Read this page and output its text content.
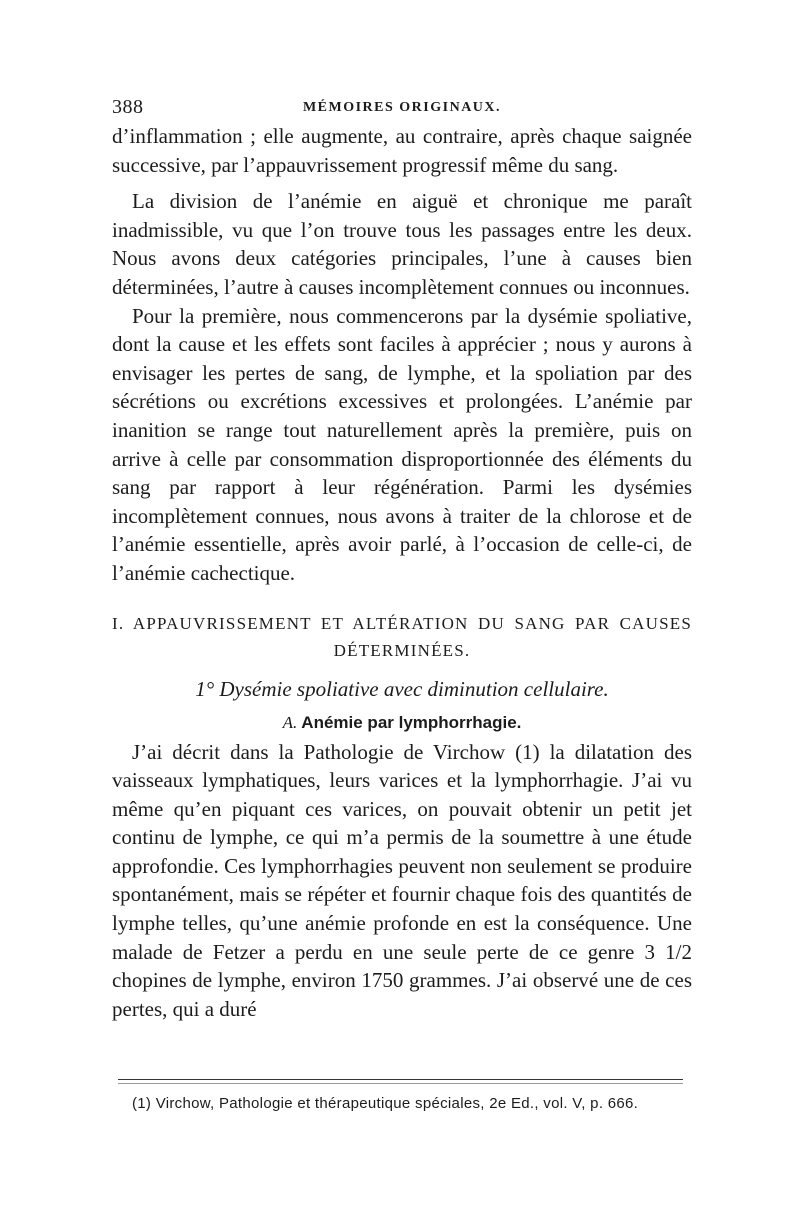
388	MÉMOIRES ORIGINAUX.

d’inflammation ; elle augmente, au contraire, après chaque saignée successive, par l’appauvrissement progressif même du sang.

La division de l’anémie en aiguë et chronique me paraît inadmissible, vu que l’on trouve tous les passages entre les deux. Nous avons deux catégories principales, l’une à causes bien déterminées, l’autre à causes incomplètement connues ou inconnues.

Pour la première, nous commencerons par la dysémie spoliative, dont la cause et les effets sont faciles à apprécier ; nous y aurons à envisager les pertes de sang, de lymphe, et la spoliation par des sécrétions ou excrétions excessives et prolongées. L’anémie par inanition se range tout naturellement après la première, puis on arrive à celle par consommation disproportionnée des éléments du sang par rapport à leur régénération. Parmi les dysémies incomplètement connues, nous avons à traiter de la chlorose et de l’anémie essentielle, après avoir parlé, à l’occasion de celle-ci, de l’anémie cachectique.

I. APPAUVRISSEMENT ET ALTÉRATION DU SANG PAR CAUSES
DÉTERMINÉES.
1° Dysémie spoliative avec diminution cellulaire.
A. Anémie par lymphorrhagie.

J’ai décrit dans la Pathologie de Virchow (1) la dilatation des vaisseaux lymphatiques, leurs varices et la lymphorrhagie. J’ai vu même qu’en piquant ces varices, on pouvait obtenir un petit jet continu de lymphe, ce qui m’a permis de la soumettre à une étude approfondie. Ces lymphorrhagies peuvent non seulement se produire spontanément, mais se répéter et fournir chaque fois des quantités de lymphe telles, qu’une anémie profonde en est la conséquence. Une malade de Fetzer a perdu en une seule perte de ce genre 3 1/2 chopines de lymphe, environ 1750 grammes. J’ai observé une de ces pertes, qui a duré

(1) Virchow, Pathologie et thérapeutique spéciales, 2e Ed., vol. V, p. 666.
